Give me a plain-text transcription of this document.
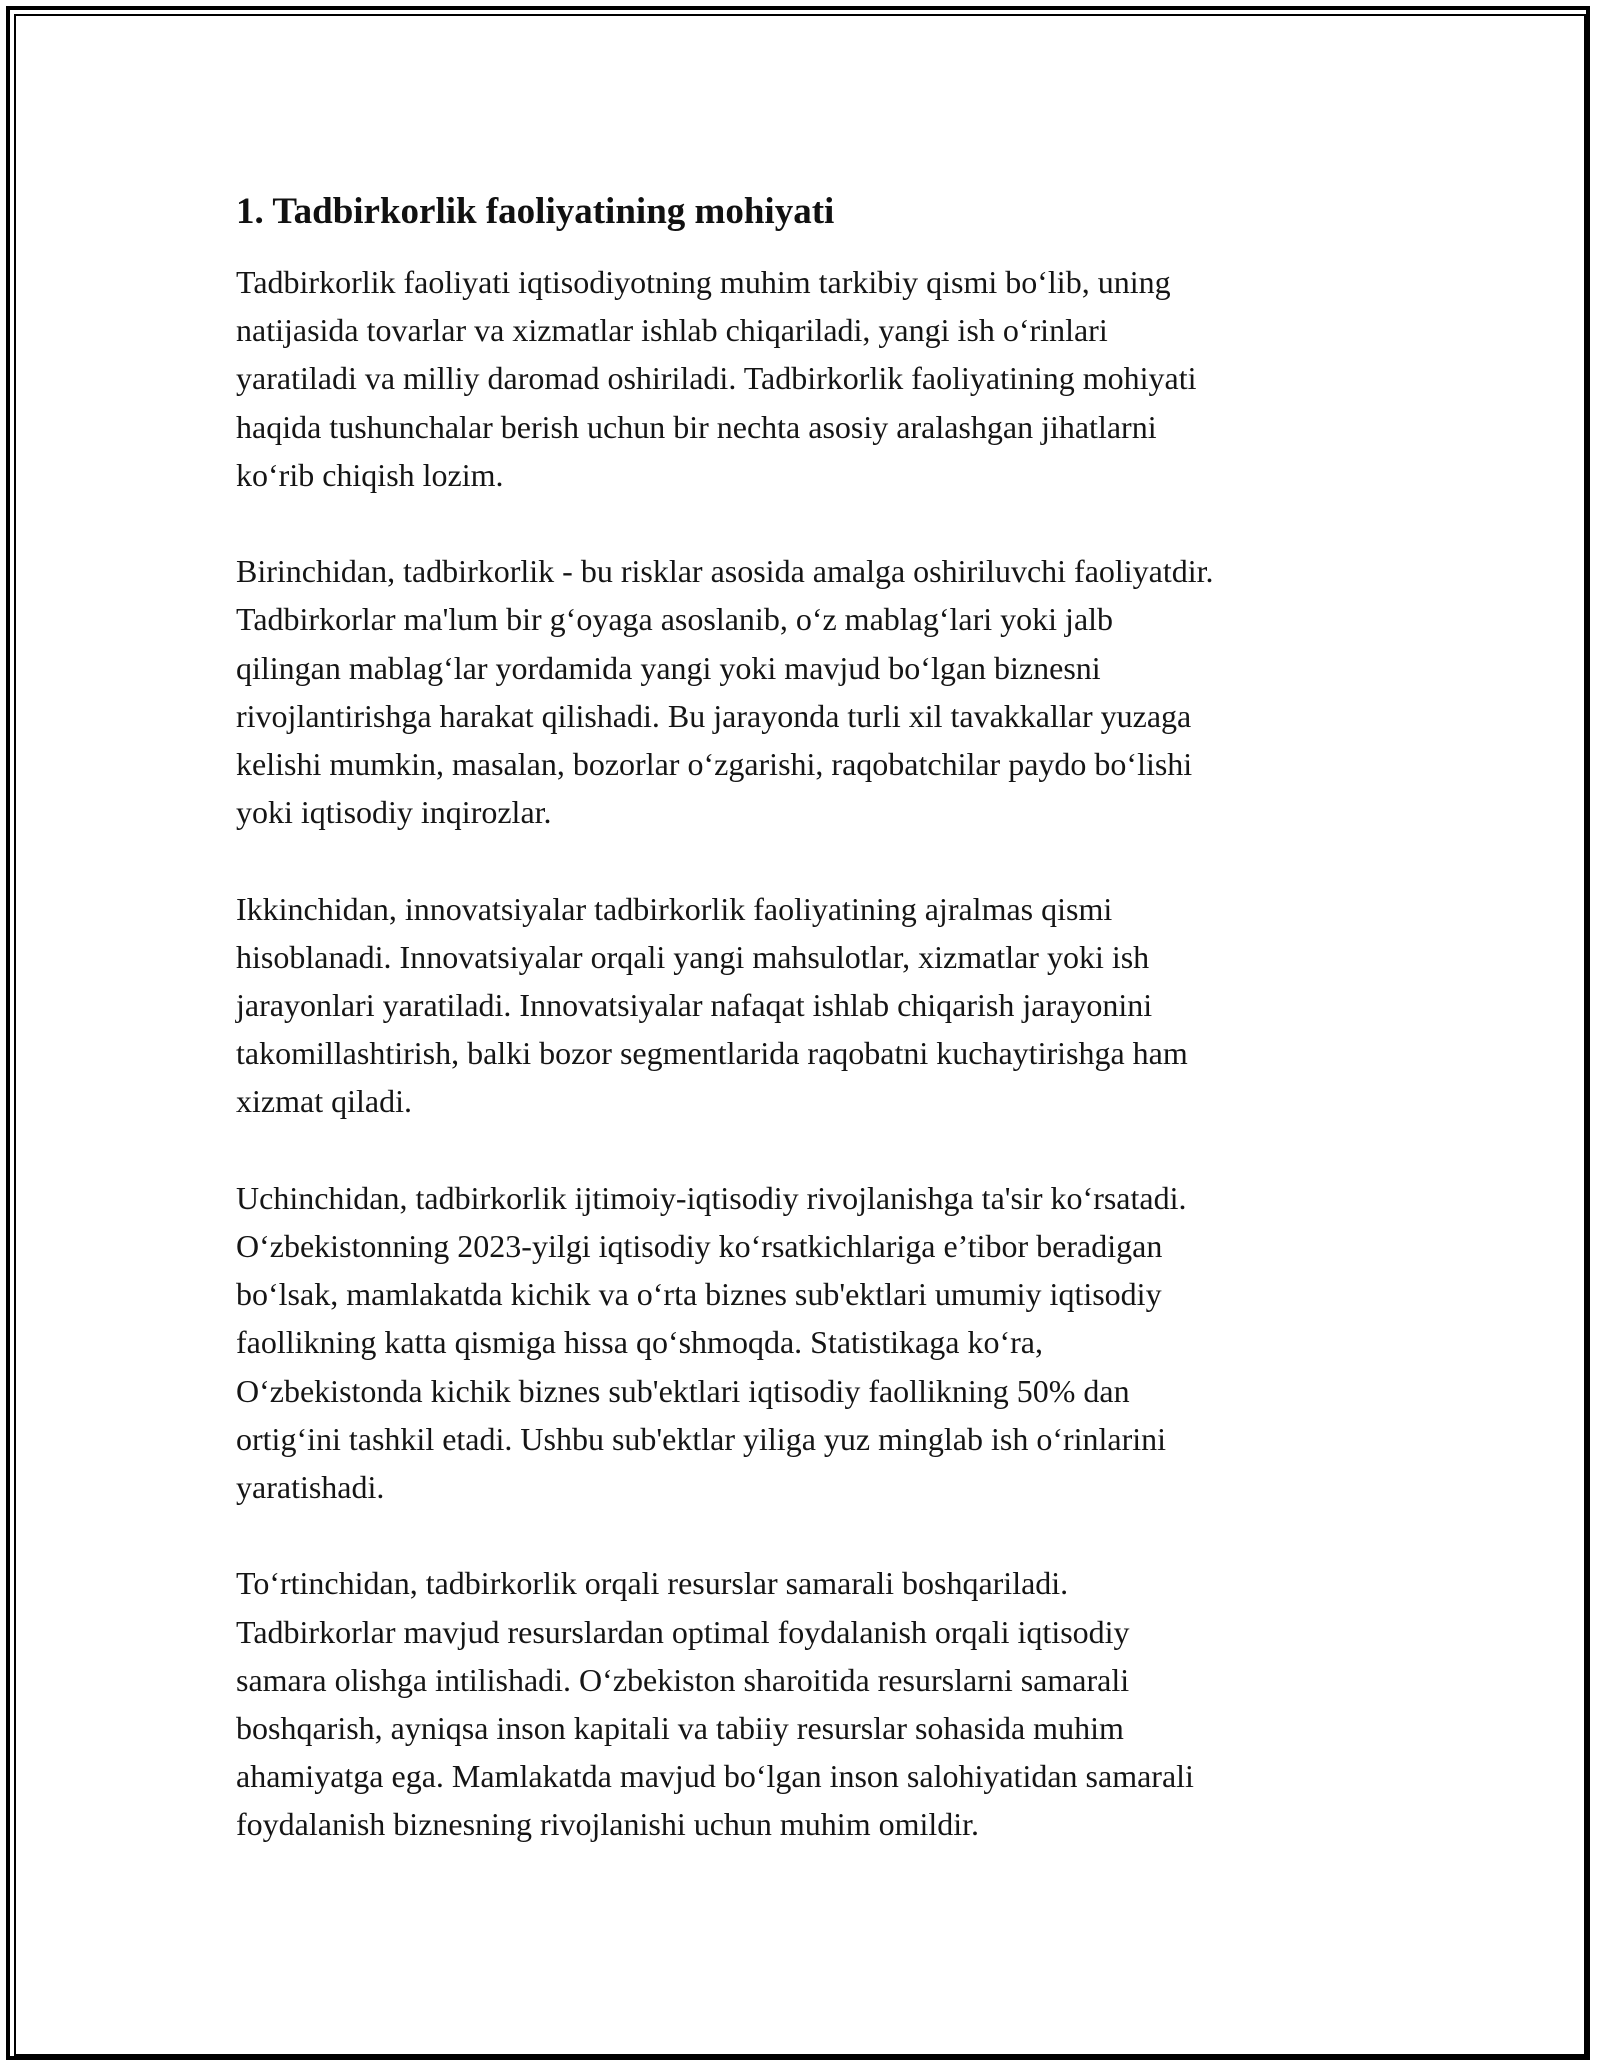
1. Tadbirkorlik faoliyatining mohiyati

Tadbirkorlik faoliyati iqtisodiyotning muhim tarkibiy qismi bo‘lib, uning
natijasida tovarlar va xizmatlar ishlab chiqariladi, yangi ish o‘rinlari
yaratiladi va milliy daromad oshiriladi. Tadbirkorlik faoliyatining mohiyati
haqida tushunchalar berish uchun bir nechta asosiy aralashgan jihatlarni
ko‘rib chiqish lozim.

Birinchidan, tadbirkorlik - bu risklar asosida amalga oshiriluvchi faoliyatdir.
Tadbirkorlar ma'lum bir g‘oyaga asoslanib, o‘z mablag‘lari yoki jalb
qilingan mablag‘lar yordamida yangi yoki mavjud bo‘lgan biznesni
rivojlantirishga harakat qilishadi. Bu jarayonda turli xil tavakkallar yuzaga
kelishi mumkin, masalan, bozorlar o‘zgarishi, raqobatchilar paydo bo‘lishi
yoki iqtisodiy inqirozlar.

Ikkinchidan, innovatsiyalar tadbirkorlik faoliyatining ajralmas qismi
hisoblanadi. Innovatsiyalar orqali yangi mahsulotlar, xizmatlar yoki ish
jarayonlari yaratiladi. Innovatsiyalar nafaqat ishlab chiqarish jarayonini
takomillashtirish, balki bozor segmentlarida raqobatni kuchaytirishga ham
xizmat qiladi.

Uchinchidan, tadbirkorlik ijtimoiy-iqtisodiy rivojlanishga ta'sir ko‘rsatadi.
O‘zbekistonning 2023-yilgi iqtisodiy ko‘rsatkichlariga e’tibor beradigan
bo‘lsak, mamlakatda kichik va o‘rta biznes sub'ektlari umumiy iqtisodiy
faollikning katta qismiga hissa qo‘shmoqda. Statistikaga ko‘ra,
O‘zbekistonda kichik biznes sub'ektlari iqtisodiy faollikning 50% dan
ortig‘ini tashkil etadi. Ushbu sub'ektlar yiliga yuz minglab ish o‘rinlarini
yaratishadi.

To‘rtinchidan, tadbirkorlik orqali resurslar samarali boshqariladi.
Tadbirkorlar mavjud resurslardan optimal foydalanish orqali iqtisodiy
samara olishga intilishadi. O‘zbekiston sharoitida resurslarni samarali
boshqarish, ayniqsa inson kapitali va tabiiy resurslar sohasida muhim
ahamiyatga ega. Mamlakatda mavjud bo‘lgan inson salohiyatidan samarali
foydalanish biznesning rivojlanishi uchun muhim omildir.
